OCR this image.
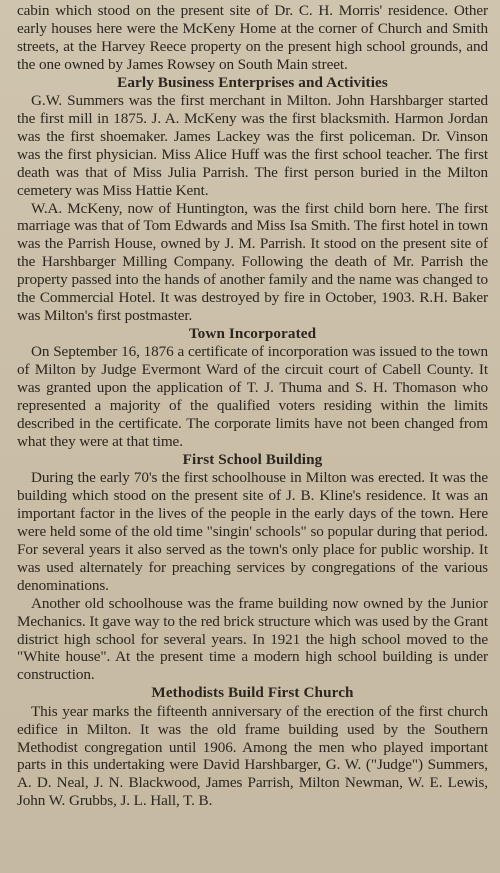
cabin which stood on the present site of Dr. C. H. Morris' residence. Other early houses here were the McKeny Home at the corner of Church and Smith streets, at the Harvey Reece property on the present high school grounds, and the one owned by James Rowsey on South Main street.

Early Business Enterprises and Activities

G.W. Summers was the first merchant in Milton. John Harshbarger started the first mill in 1875. J. A. McKeny was the first blacksmith. Harmon Jordan was the first shoemaker. James Lackey was the first policeman. Dr. Vinson was the first physician. Miss Alice Huff was the first school teacher. The first death was that of Miss Julia Parrish. The first person buried in the Milton cemetery was Miss Hattie Kent.

W.A. McKeny, now of Huntington, was the first child born here. The first marriage was that of Tom Edwards and Miss Isa Smith. The first hotel in town was the Parrish House, owned by J. M. Parrish. It stood on the present site of the Harshbarger Milling Company. Following the death of Mr. Parrish the property passed into the hands of another family and the name was changed to the Commercial Hotel. It was destroyed by fire in October, 1903. R.H. Baker was Milton's first postmaster.

Town Incorporated

On September 16, 1876 a certificate of incorporation was issued to the town of Milton by Judge Evermont Ward of the circuit court of Cabell County. It was granted upon the application of T. J. Thuma and S. H. Thomason who represented a majority of the qualified voters residing within the limits described in the certificate. The corporate limits have not been changed from what they were at that time.

First School Building

During the early 70's the first schoolhouse in Milton was erected. It was the building which stood on the present site of J. B. Kline's residence. It was an important factor in the lives of the people in the early days of the town. Here were held some of the old time "singin' schools" so popular during that period. For several years it also served as the town's only place for public worship. It was used alternately for preaching services by congregations of the various denominations.

Another old schoolhouse was the frame building now owned by the Junior Mechanics. It gave way to the red brick structure which was used by the Grant district high school for several years. In 1921 the high school moved to the "White house". At the present time a modern high school building is under construction.

Methodists Build First Church

This year marks the fifteenth anniversary of the erection of the first church edifice in Milton. It was the old frame building used by the Southern Methodist congregation until 1906. Among the men who played important parts in this undertaking were David Harshbarger, G. W. ("Judge") Summers, A. D. Neal, J. N. Blackwood, James Parrish, Milton Newman, W. E. Lewis, John W. Grubbs, J. L. Hall, T. B.
